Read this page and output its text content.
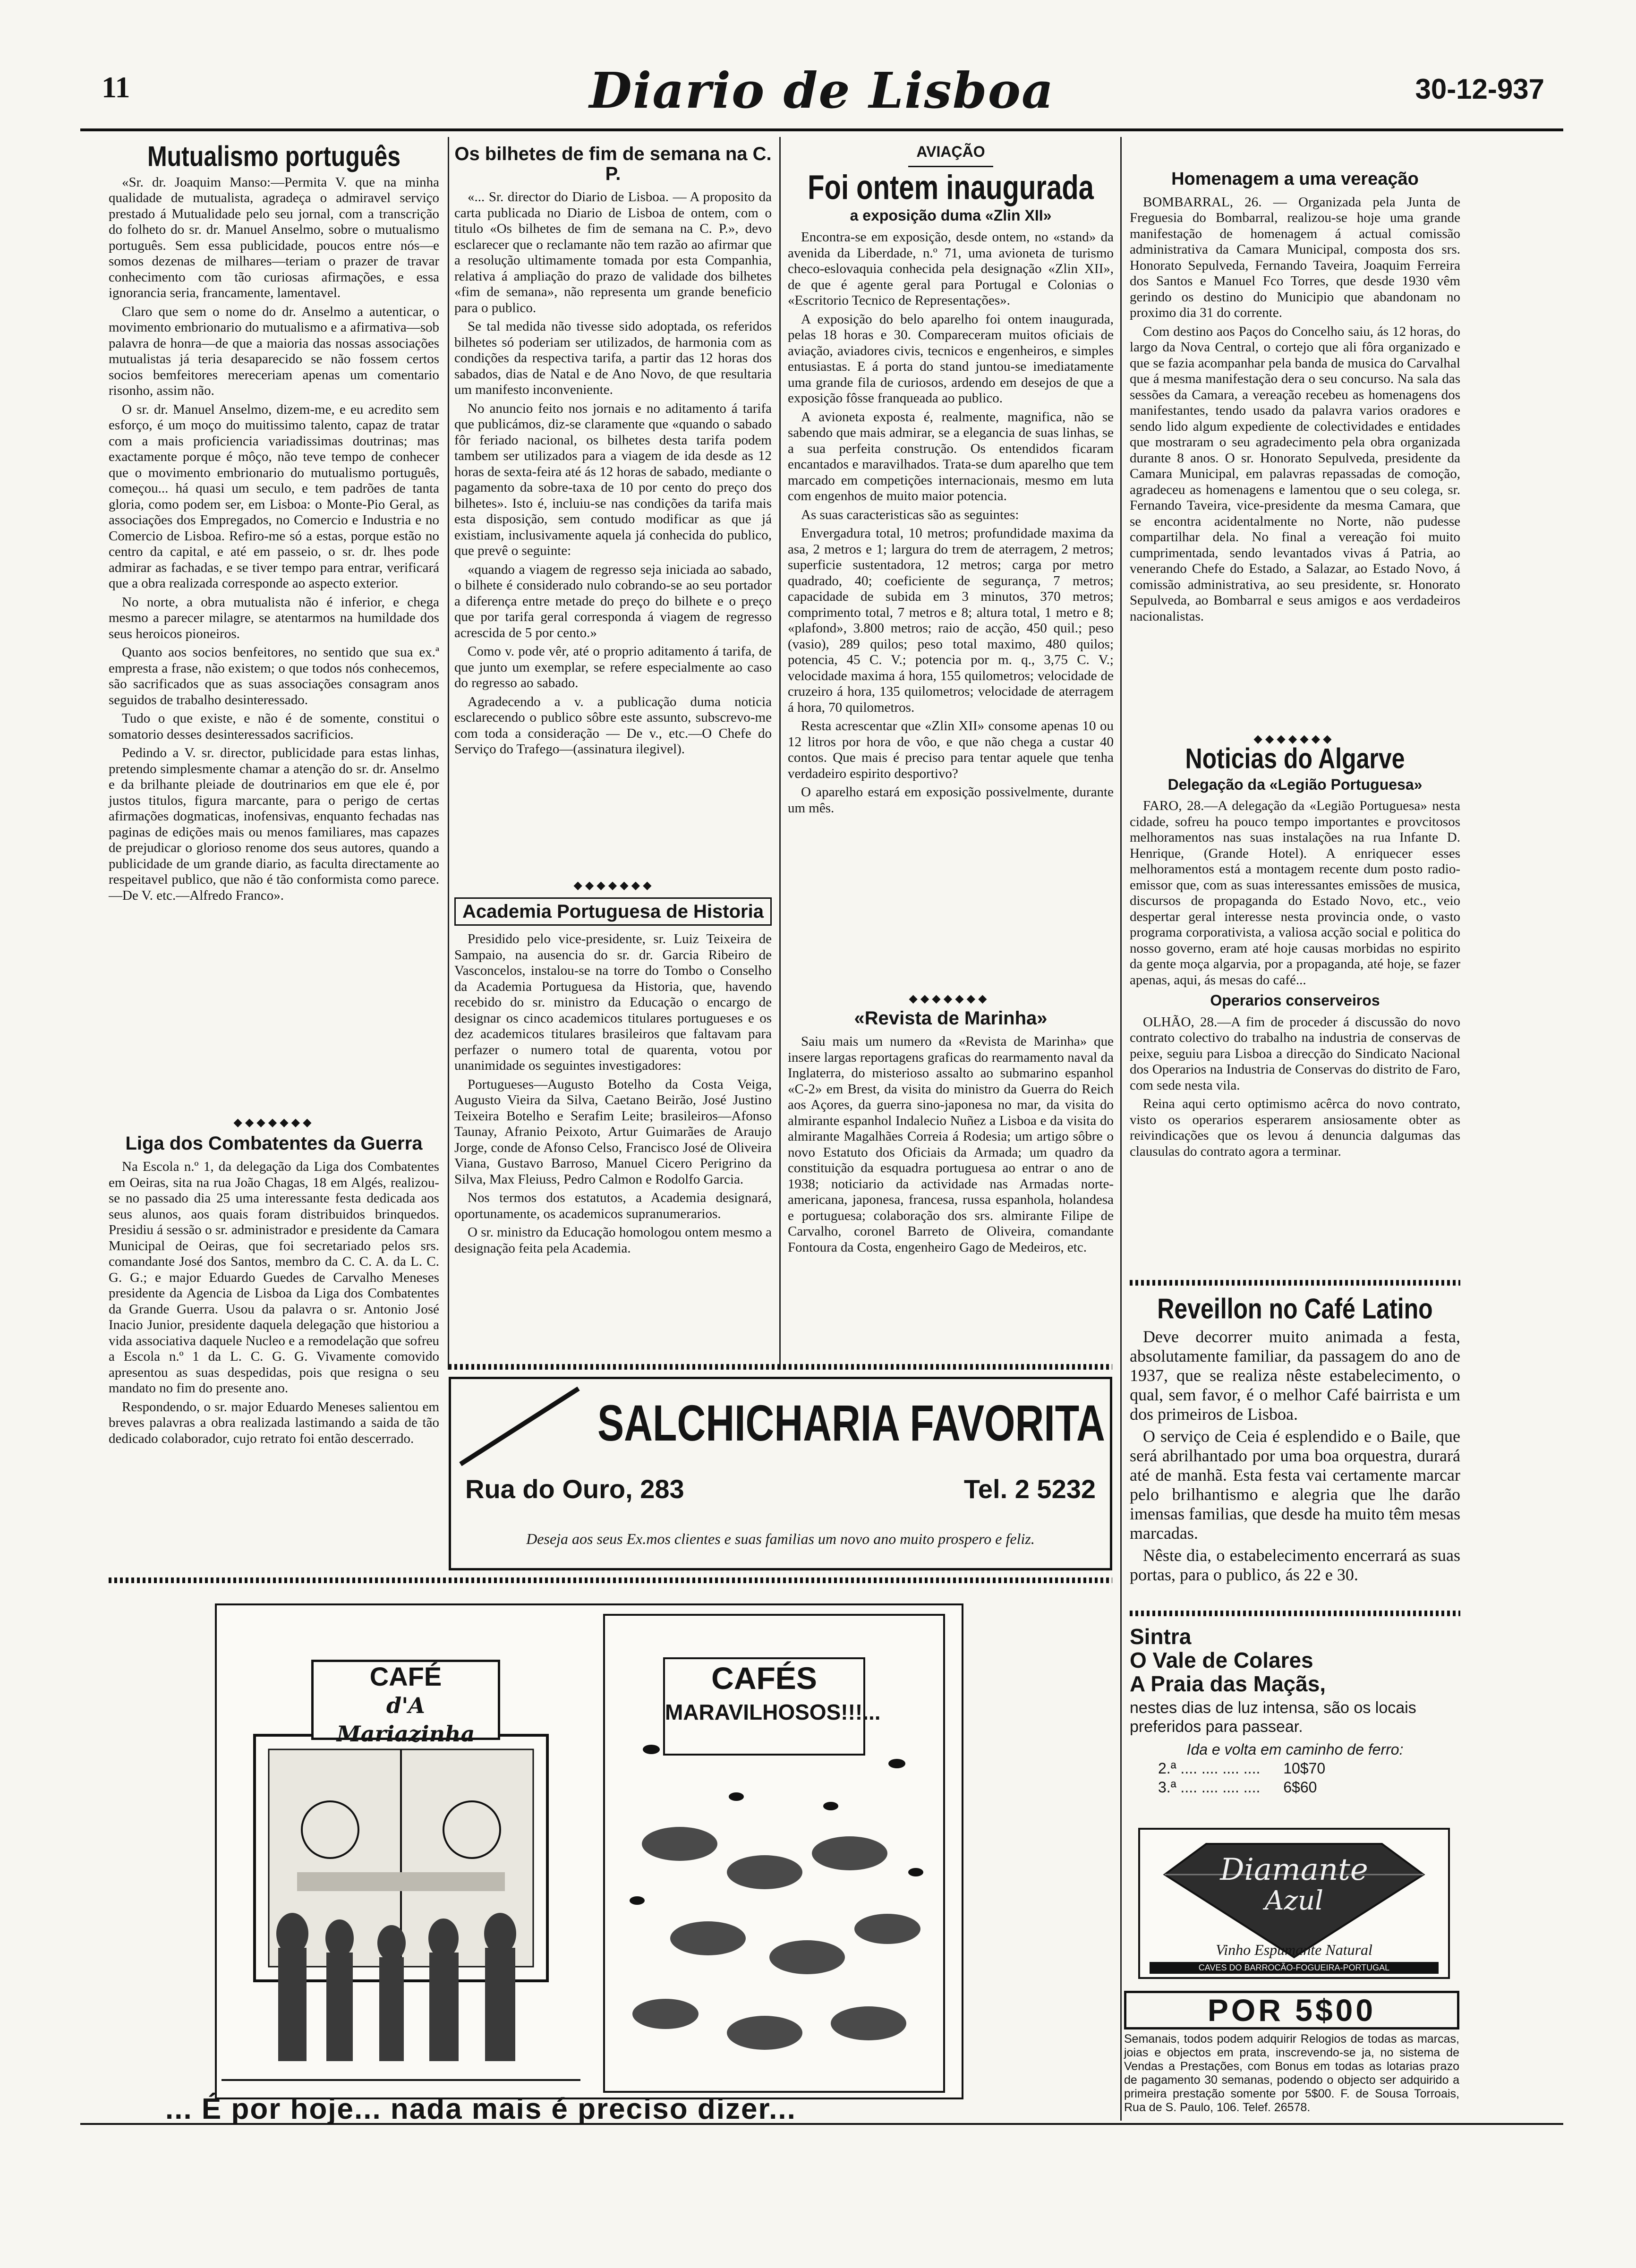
11	Diario de Lisboa	30-12-937
Mutualismo português

«Sr. dr. Joaquim Manso:—Permita V. que na minha qualidade de mutualista, agradeça o admiravel serviço prestado á Mutualidade pelo seu jornal, com a transcrição do folheto do sr. dr. Manuel Anselmo, sobre o mutualismo português. Sem essa publicidade, poucos entre nós—e somos dezenas de milhares—teriam o prazer de travar conhecimento com tão curiosas afirmações, e essa ignorancia seria, francamente, lamentavel.

Claro que sem o nome do dr. Anselmo a autenticar, o movimento embrionario do mutualismo e a afirmativa—sob palavra de honra—de que a maioria das nossas associações mutualistas já teria desaparecido se não fossem certos socios bemfeitores mereceriam apenas um comentario risonho, assim não.

O sr. dr. Manuel Anselmo, dizem-me, e eu acredito sem esforço, é um moço do muitissimo talento, capaz de tratar com a mais proficiencia variadissimas doutrinas; mas exactamente porque é môço, não teve tempo de conhecer que o movimento embrionario do mutualismo português, começou... há quasi um seculo, e tem padrões de tanta gloria, como podem ser, em Lisboa: o Monte-Pio Geral, as associações dos Empregados, no Comercio e Industria e no Comercio de Lisboa. Refiro-me só a estas, porque estão no centro da capital, e até em passeio, o sr. dr. lhes pode admirar as fachadas, e se tiver tempo para entrar, verificará que a obra realizada corresponde ao aspecto exterior.

No norte, a obra mutualista não é inferior, e chega mesmo a parecer milagre, se atentarmos na humildade dos seus heroicos pioneiros.

Quanto aos socios benfeitores, no sentido que sua ex.ª empresta a frase, não existem; o que todos nós conhecemos, são sacrificados que as suas associações consagram anos seguidos de trabalho desinteressado.

Tudo o que existe, e não é de somente, constitui o somatorio desses desinteressados sacrificios.

Pedindo a V. sr. director, publicidade para estas linhas, pretendo simplesmente chamar a atenção do sr. dr. Anselmo e da brilhante pleiade de doutrinarios em que ele é, por justos titulos, figura marcante, para o perigo de certas afirmações dogmaticas, inofensivas, enquanto fechadas nas paginas de edições mais ou menos familiares, mas capazes de prejudicar o glorioso renome dos seus autores, quando a publicidade de um grande diario, as faculta directamente ao respeitavel publico, que não é tão conformista como parece.—De V. etc.—Alfredo Franco».

◆◆◆◆◆◆◆
Liga dos Combatentes da Guerra

Na Escola n.º 1, da delegação da Liga dos Combatentes em Oeiras, sita na rua João Chagas, 18 em Algés, realizou-se no passado dia 25 uma interessante festa dedicada aos seus alunos, aos quais foram distribuidos brinquedos. Presidiu á sessão o sr. administrador e presidente da Camara Municipal de Oeiras, que foi secretariado pelos srs. comandante José dos Santos, membro da C. C. A. da L. C. G. G.; e major Eduardo Guedes de Carvalho Meneses presidente da Agencia de Lisboa da Liga dos Combatentes da Grande Guerra. Usou da palavra o sr. Antonio José Inacio Junior, presidente daquela delegação que historiou a vida associativa daquele Nucleo e a remodelação que sofreu a Escola n.º 1 da L. C. G. G. Vivamente comovido apresentou as suas despedidas, pois que resigna o seu mandato no fim do presente ano.

Respondendo, o sr. major Eduardo Meneses salientou em breves palavras a obra realizada lastimando a saida de tão dedicado colaborador, cujo retrato foi então descerrado.

Os bilhetes de fim de semana na C. P.

«... Sr. director do Diario de Lisboa. — A proposito da carta publicada no Diario de Lisboa de ontem, com o titulo «Os bilhetes de fim de semana na C. P.», devo esclarecer que o reclamante não tem razão ao afirmar que a resolução ultimamente tomada por esta Companhia, relativa á ampliação do prazo de validade dos bilhetes «fim de semana», não representa um grande beneficio para o publico.

Se tal medida não tivesse sido adoptada, os referidos bilhetes só poderiam ser utilizados, de harmonia com as condições da respectiva tarifa, a partir das 12 horas dos sabados, dias de Natal e de Ano Novo, de que resultaria um manifesto inconveniente.

No anuncio feito nos jornais e no aditamento á tarifa que publicámos, diz-se claramente que «quando o sabado fôr feriado nacional, os bilhetes desta tarifa podem tambem ser utilizados para a viagem de ida desde as 12 horas de sexta-feira até ás 12 horas de sabado, mediante o pagamento da sobre-taxa de 10 por cento do preço dos bilhetes». Isto é, incluiu-se nas condições da tarifa mais esta disposição, sem contudo modificar as que já existiam, inclusivamente aquela já conhecida do publico, que prevê o seguinte:

«quando a viagem de regresso seja iniciada ao sabado, o bilhete é considerado nulo cobrando-se ao seu portador a diferença entre metade do preço do bilhete e o preço que por tarifa geral corresponda á viagem de regresso acrescida de 5 por cento.»

Como v. pode vêr, até o proprio aditamento á tarifa, de que junto um exemplar, se refere especialmente ao caso do regresso ao sabado.

Agradecendo a v. a publicação duma noticia esclarecendo o publico sôbre este assunto, subscrevo-me com toda a consideração — De v., etc.—O Chefe do Serviço do Trafego—(assinatura ilegivel).

◆◆◆◆◆◆◆
Academia Portuguesa de Historia

Presidido pelo vice-presidente, sr. Luiz Teixeira de Sampaio, na ausencia do sr. dr. Garcia Ribeiro de Vasconcelos, instalou-se na torre do Tombo o Conselho da Academia Portuguesa da Historia, que, havendo recebido do sr. ministro da Educação o encargo de designar os cinco academicos titulares portugueses e os dez academicos titulares brasileiros que faltavam para perfazer o numero total de quarenta, votou por unanimidade os seguintes investigadores:

Portugueses—Augusto Botelho da Costa Veiga, Augusto Vieira da Silva, Caetano Beirão, José Justino Teixeira Botelho e Serafim Leite; brasileiros—Afonso Taunay, Afranio Peixoto, Artur Guimarães de Araujo Jorge, conde de Afonso Celso, Francisco José de Oliveira Viana, Gustavo Barroso, Manuel Cicero Perigrino da Silva, Max Fleiuss, Pedro Calmon e Rodolfo Garcia.

Nos termos dos estatutos, a Academia designará, oportunamente, os academicos supranumerarios.

O sr. ministro da Educação homologou ontem mesmo a designação feita pela Academia.

AVIAÇÃO
Foi ontem inaugurada
a exposição duma «Zlin XII»

Encontra-se em exposição, desde ontem, no «stand» da avenida da Liberdade, n.º 71, uma avioneta de turismo checo-eslovaquia conhecida pela designação «Zlin XII», de que é agente geral para Portugal e Colonias o «Escritorio Tecnico de Representações».

A exposição do belo aparelho foi ontem inaugurada, pelas 18 horas e 30. Compareceram muitos oficiais de aviação, aviadores civis, tecnicos e engenheiros, e simples entusiastas. E á porta do stand juntou-se imediatamente uma grande fila de curiosos, ardendo em desejos de que a exposição fôsse franqueada ao publico.

A avioneta exposta é, realmente, magnifica, não se sabendo que mais admirar, se a elegancia de suas linhas, se a sua perfeita construção. Os entendidos ficaram encantados e maravilhados. Trata-se dum aparelho que tem marcado em competições internacionais, mesmo em luta com engenhos de muito maior potencia.

As suas caracteristicas são as seguintes:

Envergadura total, 10 metros; profundidade maxima da asa, 2 metros e 1; largura do trem de aterragem, 2 metros; superficie sustentadora, 12 metros; carga por metro quadrado, 40; coeficiente de segurança, 7 metros; capacidade de subida em 3 minutos, 370 metros; comprimento total, 7 metros e 8; altura total, 1 metro e 8; «plafond», 3.800 metros; raio de acção, 450 quil.; peso (vasio), 289 quilos; peso total maximo, 480 quilos; potencia, 45 C. V.; potencia por m. q., 3,75 C. V.; velocidade maxima á hora, 155 quilometros; velocidade de cruzeiro á hora, 135 quilometros; velocidade de aterragem á hora, 70 quilometros.

Resta acrescentar que «Zlin XII» consome apenas 10 ou 12 litros por hora de vôo, e que não chega a custar 40 contos. Que mais é preciso para tentar aquele que tenha verdadeiro espirito desportivo?

O aparelho estará em exposição possivelmente, durante um mês.

◆◆◆◆◆◆◆
«Revista de Marinha»

Saiu mais um numero da «Revista de Marinha» que insere largas reportagens graficas do rearmamento naval da Inglaterra, do misterioso assalto ao submarino espanhol «C-2» em Brest, da visita do ministro da Guerra do Reich aos Açores, da guerra sino-japonesa no mar, da visita do almirante espanhol Indalecio Nuñez a Lisboa e da visita do almirante Magalhães Correia á Rodesia; um artigo sôbre o novo Estatuto dos Oficiais da Armada; um quadro da constituição da esquadra portuguesa ao entrar o ano de 1938; noticiario da actividade nas Armadas norte-americana, japonesa, francesa, russa espanhola, holandesa e portuguesa; colaboração dos srs. almirante Filipe de Carvalho, coronel Barreto de Oliveira, comandante Fontoura da Costa, engenheiro Gago de Medeiros, etc.

Homenagem a uma vereação

BOMBARRAL, 26. — Organizada pela Junta de Freguesia do Bombarral, realizou-se hoje uma grande manifestação de homenagem á actual comissão administrativa da Camara Municipal, composta dos srs. Honorato Sepulveda, Fernando Taveira, Joaquim Ferreira dos Santos e Manuel Fco Torres, que desde 1930 vêm gerindo os destino do Municipio que abandonam no proximo dia 31 do corrente.

Com destino aos Paços do Concelho saiu, ás 12 horas, do largo da Nova Central, o cortejo que ali fôra organizado e que se fazia acompanhar pela banda de musica do Carvalhal que á mesma manifestação dera o seu concurso. Na sala das sessões da Camara, a vereação recebeu as homenagens dos manifestantes, tendo usado da palavra varios oradores e sendo lido algum expediente de colectividades e entidades que mostraram o seu agradecimento pela obra organizada durante 8 anos. O sr. Honorato Sepulveda, presidente da Camara Municipal, em palavras repassadas de comoção, agradeceu as homenagens e lamentou que o seu colega, sr. Fernando Taveira, vice-presidente da mesma Camara, que se encontra acidentalmente no Norte, não pudesse compartilhar dela. No final a vereação foi muito cumprimentada, sendo levantados vivas á Patria, ao venerando Chefe do Estado, a Salazar, ao Estado Novo, á comissão administrativa, ao seu presidente, sr. Honorato Sepulveda, ao Bombarral e seus amigos e aos verdadeiros nacionalistas.

◆◆◆◆◆◆◆
Noticias do Algarve
Delegação da «Legião Portuguesa»

FARO, 28.—A delegação da «Legião Portuguesa» nesta cidade, sofreu ha pouco tempo importantes e provcitosos melhoramentos nas suas instalações na rua Infante D. Henrique, (Grande Hotel). A enriquecer esses melhoramentos está a montagem recente dum posto radio-emissor que, com as suas interessantes emissões de musica, discursos de propaganda do Estado Novo, etc., veio despertar geral interesse nesta provincia onde, o vasto programa corporativista, a valiosa acção social e politica do nosso governo, eram até hoje causas morbidas no espirito da gente moça algarvia, por a propaganda, até hoje, se fazer apenas, aqui, ás mesas do café...

Operarios conserveiros

OLHÃO, 28.—A fim de proceder á discussão do novo contrato colectivo do trabalho na industria de conservas de peixe, seguiu para Lisboa a direcção do Sindicato Nacional dos Operarios na Industria de Conservas do distrito de Faro, com sede nesta vila.

Reina aqui certo optimismo acêrca do novo contrato, visto os operarios esperarem ansiosamente obter as reivindicações que os levou á denuncia dalgumas das clausulas do contrato agora a terminar.

Reveillon no Café Latino

Deve decorrer muito animada a festa, absolutamente familiar, da passagem do ano de 1937, que se realiza nêste estabelecimento, o qual, sem favor, é o melhor Café bairrista e um dos primeiros de Lisboa.

O serviço de Ceia é esplendido e o Baile, que será abrilhantado por uma boa orquestra, durará até de manhã. Esta festa vai certamente marcar pelo brilhantismo e alegria que lhe darão imensas familias, que desde ha muito têm mesas marcadas.

Nêste dia, o estabelecimento encerrará as suas portas, para o publico, ás 22 e 30.

Sintra
O Vale de Colares
A Praia das Maçãs,
nestes dias de luz intensa, são os locais preferidos para passear.
Ida e volta em caminho de ferro:
2.ª .... .... .... .... 10$70
3.ª .... .... .... .... 6$60
Diamante
Azul
Vinho Espumante Natural
CAVES DO BARROCÃO-FOGUEIRA-PORTUGAL
POR 5$00
Semanais, todos podem adquirir Relogios de todas as marcas, joias e objectos em prata, inscrevendo-se ja, no sistema de Vendas a Prestações, com Bonus em todas as lotarias prazo de pagamento 30 semanas, podendo o objecto ser adquirido a primeira prestação somente por 5$00. F. de Sousa Torroais, Rua de S. Paulo, 106. Telef. 26578.
SALCHICHARIA FAVORITA
Rua do Ouro, 283	Tel. 2 5232
Deseja aos seus Ex.mos clientes e suas familias um novo ano muito prospero e feliz.
CAFÉ
d'A Mariazinha
CAFÉS
MARAVILHOSOS!!!...
... É por hoje... nada mais é preciso dizer...
